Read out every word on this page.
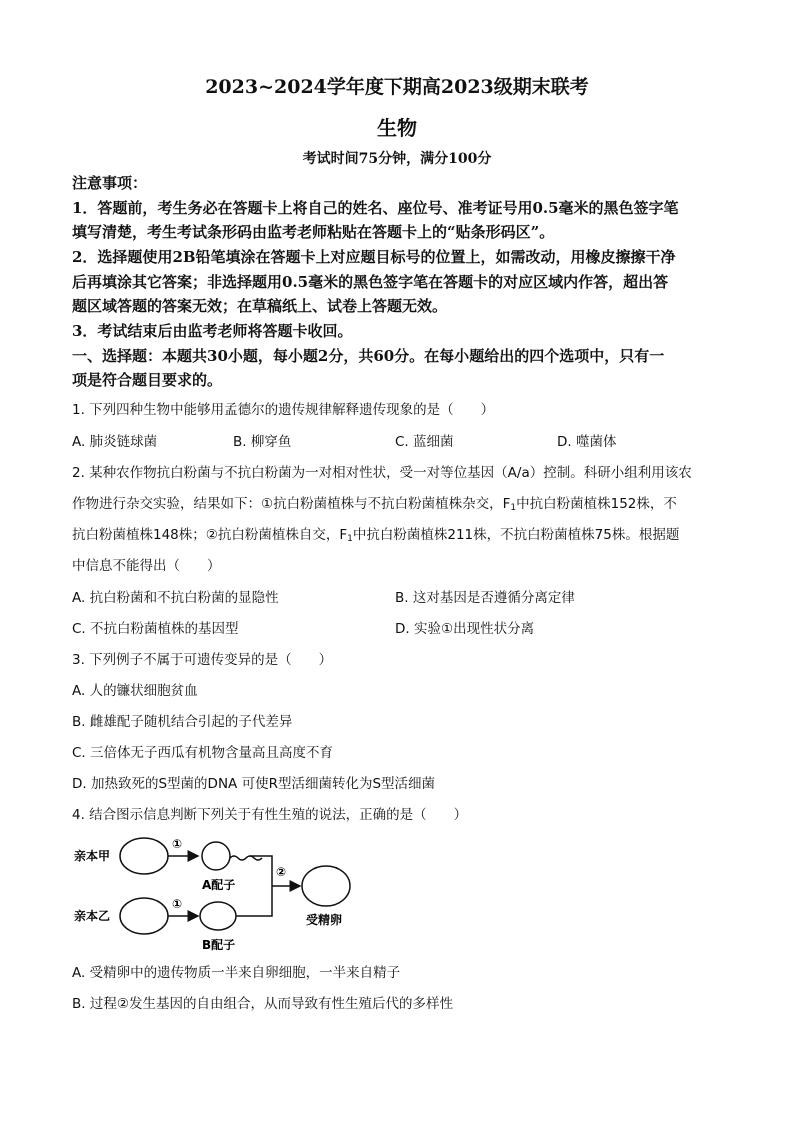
2023~2024学年度下期高2023级期末联考
生物
考试时间75分钟，满分100分
注意事项：
1．答题前，考生务必在答题卡上将自己的姓名、座位号、准考证号用0.5毫米的黑色签字笔
填写清楚，考生考试条形码由监考老师粘贴在答题卡上的“贴条形码区”。
2．选择题使用2B铅笔填涂在答题卡上对应题目标号的位置上，如需改动，用橡皮擦擦干净
后再填涂其它答案；非选择题用0.5毫米的黑色签字笔在答题卡的对应区域内作答，超出答
题区域答题的答案无效；在草稿纸上、试卷上答题无效。
3．考试结束后由监考老师将答题卡收回。
一、选择题：本题共30小题，每小题2分，共60分。在每小题给出的四个选项中，只有一
项是符合题目要求的。
1. 下列四种生物中能够用孟德尔的遗传规律解释遗传现象的是（　　）
A. 肺炎链球菌	B. 柳穿鱼	C. 蓝细菌	D. 噬菌体
2. 某种农作物抗白粉菌与不抗白粉菌为一对相对性状，受一对等位基因（A/a）控制。科研小组利用该农
作物进行杂交实验，结果如下：①抗白粉菌植株与不抗白粉菌植株杂交，$F_1$中抗白粉菌植株152株，不
抗白粉菌植株148株；②抗白粉菌植株自交，$F_1$中抗白粉菌植株211株，不抗白粉菌植株75株。根据题
中信息不能得出（　　）
A. 抗白粉菌和不抗白粉菌的显隐性	B. 这对基因是否遵循分离定律
C. 不抗白粉菌植株的基因型	D. 实验①出现性状分离
3. 下列例子不属于可遗传变异的是（　　）
A. 人的镰状细胞贫血
B. 雌雄配子随机结合引起的子代差异
C. 三倍体无子西瓜有机物含量高且高度不育
D. 加热致死的S型菌的DNA 可使R型活细菌转化为S型活细菌
4. 结合图示信息判断下列关于有性生殖的说法，正确的是（　　）
亲本甲
亲本乙
①
①
A配子
B配子
②
受精卵
A. 受精卵中的遗传物质一半来自卵细胞，一半来自精子
B. 过程②发生基因的自由组合，从而导致有性生殖后代的多样性
